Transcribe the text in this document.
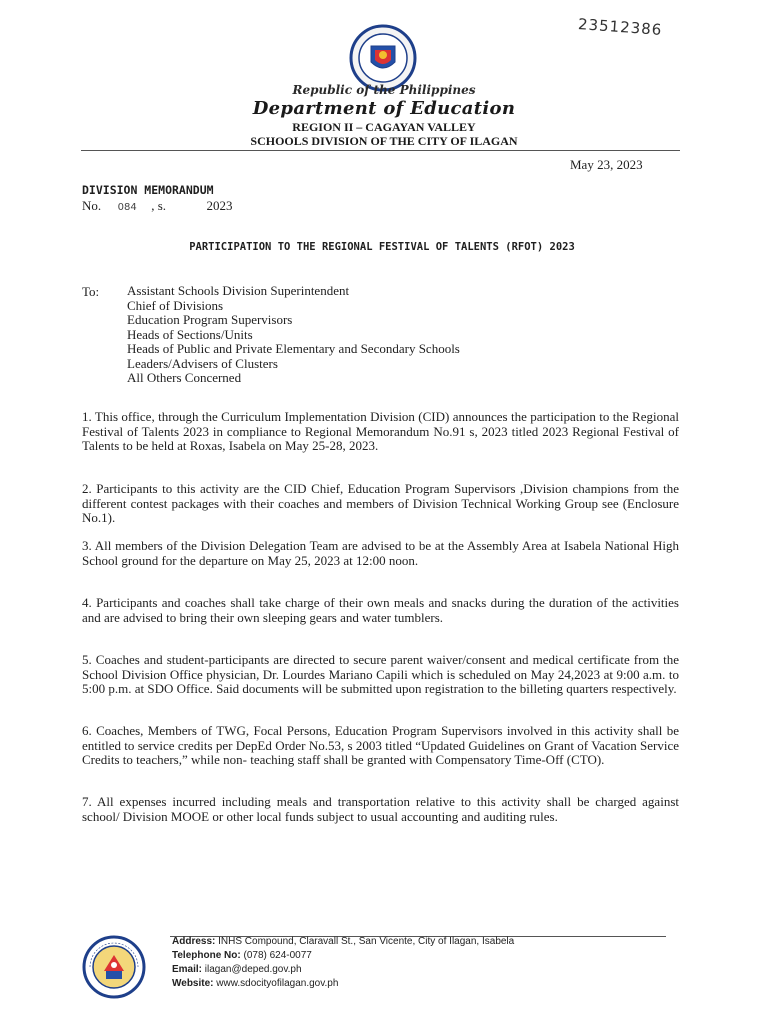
23512386
Republic of the Philippines
Department of Education
REGION II – CAGAYAN VALLEY
SCHOOLS DIVISION OF THE CITY OF ILAGAN
May 23, 2023
DIVISION MEMORANDUM
No. 084 , s.	2023
PARTICIPATION TO THE REGIONAL FESTIVAL OF TALENTS (RFOT) 2023
To: Assistant Schools Division Superintendent
Chief of Divisions
Education Program Supervisors
Heads of Sections/Units
Heads of Public and Private Elementary and Secondary Schools
Leaders/Advisers of Clusters
All Others Concerned

1. This office, through the Curriculum Implementation Division (CID) announces the participation to the Regional Festival of Talents 2023 in compliance to Regional Memorandum No.91 s, 2023 titled 2023 Regional Festival of Talents to be held at Roxas, Isabela on May 25-28, 2023.

2. Participants to this activity are the CID Chief, Education Program Supervisors ,Division champions from the different contest packages with their coaches and members of Division Technical Working Group see (Enclosure No.1).

3. All members of the Division Delegation Team are advised to be at the Assembly Area at Isabela National High School ground for the departure on May 25, 2023 at 12:00 noon.

4. Participants and coaches shall take charge of their own meals and snacks during the duration of the activities and are advised to bring their own sleeping gears and water tumblers.

5. Coaches and student-participants are directed to secure parent waiver/consent and medical certificate from the School Division Office physician, Dr. Lourdes Mariano Capili which is scheduled on May 24,2023 at 9:00 a.m. to 5:00 p.m. at SDO Office. Said documents will be submitted upon registration to the billeting quarters respectively.

6. Coaches, Members of TWG, Focal Persons, Education Program Supervisors involved in this activity shall be entitled to service credits per DepEd Order No.53, s 2003 titled “Updated Guidelines on Grant of Vacation Service Credits to teachers,” while non- teaching staff shall be granted with Compensatory Time-Off (CTO).

7. All expenses incurred including meals and transportation relative to this activity shall be charged against school/ Division MOOE or other local funds subject to usual accounting and auditing rules.

Address: INHS Compound, Claravall St., San Vicente, City of Ilagan, Isabela
Telephone No: (078) 624-0077
Email: ilagan@deped.gov.ph
Website: www.sdocityofilagan.gov.ph
